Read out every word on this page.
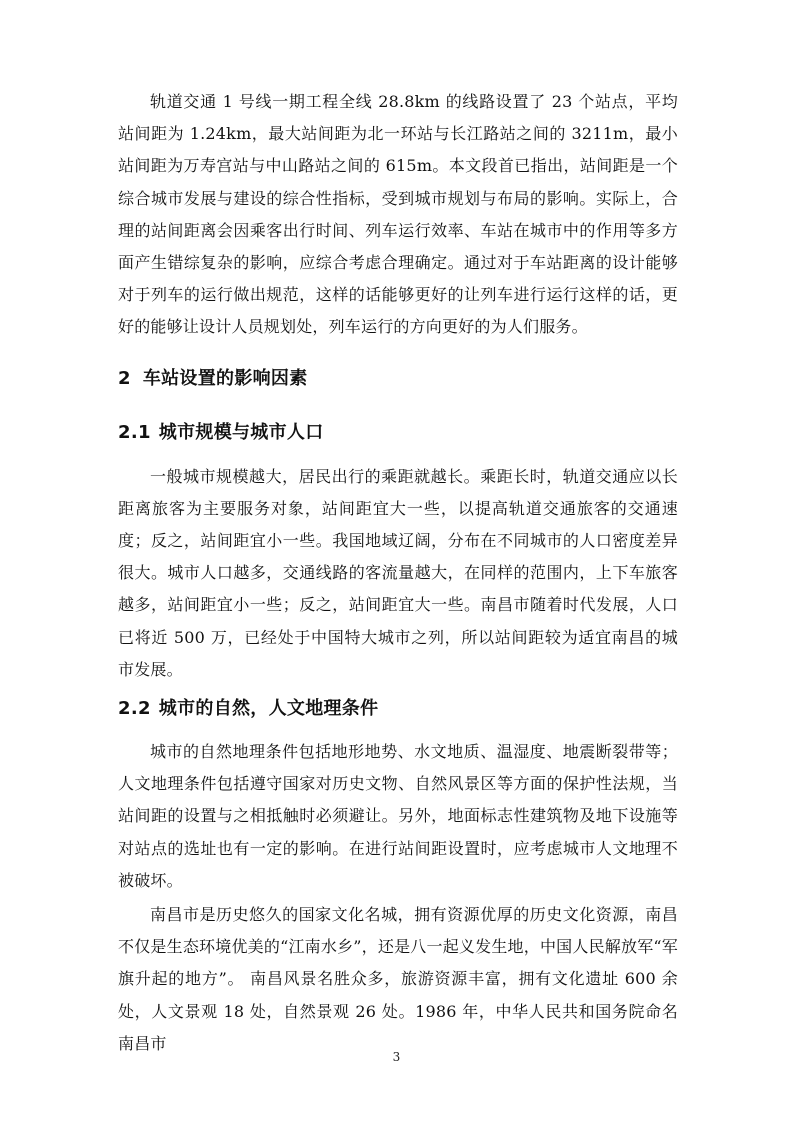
轨道交通 1 号线一期工程全线 28.8km 的线路设置了 23 个站点，平均站间距为 1.24km，最大站间距为北一环站与长江路站之间的 3211m，最小站间距为万寿宫站与中山路站之间的 615m。本文段首已指出，站间距是一个综合城市发展与建设的综合性指标，受到城市规划与布局的影响。实际上，合理的站间距离会因乘客出行时间、列车运行效率、车站在城市中的作用等多方面产生错综复杂的影响，应综合考虑合理确定。通过对于车站距离的设计能够对于列车的运行做出规范，这样的话能够更好的让列车进行运行这样的话，更好的能够让设计人员规划处，列车运行的方向更好的为人们服务。

2 车站设置的影响因素
2.1 城市规模与城市人口

一般城市规模越大，居民出行的乘距就越长。乘距长时，轨道交通应以长距离旅客为主要服务对象，站间距宜大一些，以提高轨道交通旅客的交通速度；反之，站间距宜小一些。我国地域辽阔，分布在不同城市的人口密度差异很大。城市人口越多，交通线路的客流量越大，在同样的范围内，上下车旅客越多，站间距宜小一些；反之，站间距宜大一些。南昌市随着时代发展，人口已将近 500 万，已经处于中国特大城市之列，所以站间距较为适宜南昌的城市发展。

2.2 城市的自然，人文地理条件

城市的自然地理条件包括地形地势、水文地质、温湿度、地震断裂带等；人文地理条件包括遵守国家对历史文物、自然风景区等方面的保护性法规，当站间距的设置与之相抵触时必须避让。另外，地面标志性建筑物及地下设施等对站点的选址也有一定的影响。在进行站间距设置时，应考虑城市人文地理不被破坏。

南昌市是历史悠久的国家文化名城，拥有资源优厚的历史文化资源，南昌不仅是生态环境优美的“江南水乡”，还是八一起义发生地，中国人民解放军“军旗升起的地方”。 南昌风景名胜众多，旅游资源丰富，拥有文化遗址 600 余处，人文景观 18 处，自然景观 26 处。1986 年，中华人民共和国务院命名南昌市

3
